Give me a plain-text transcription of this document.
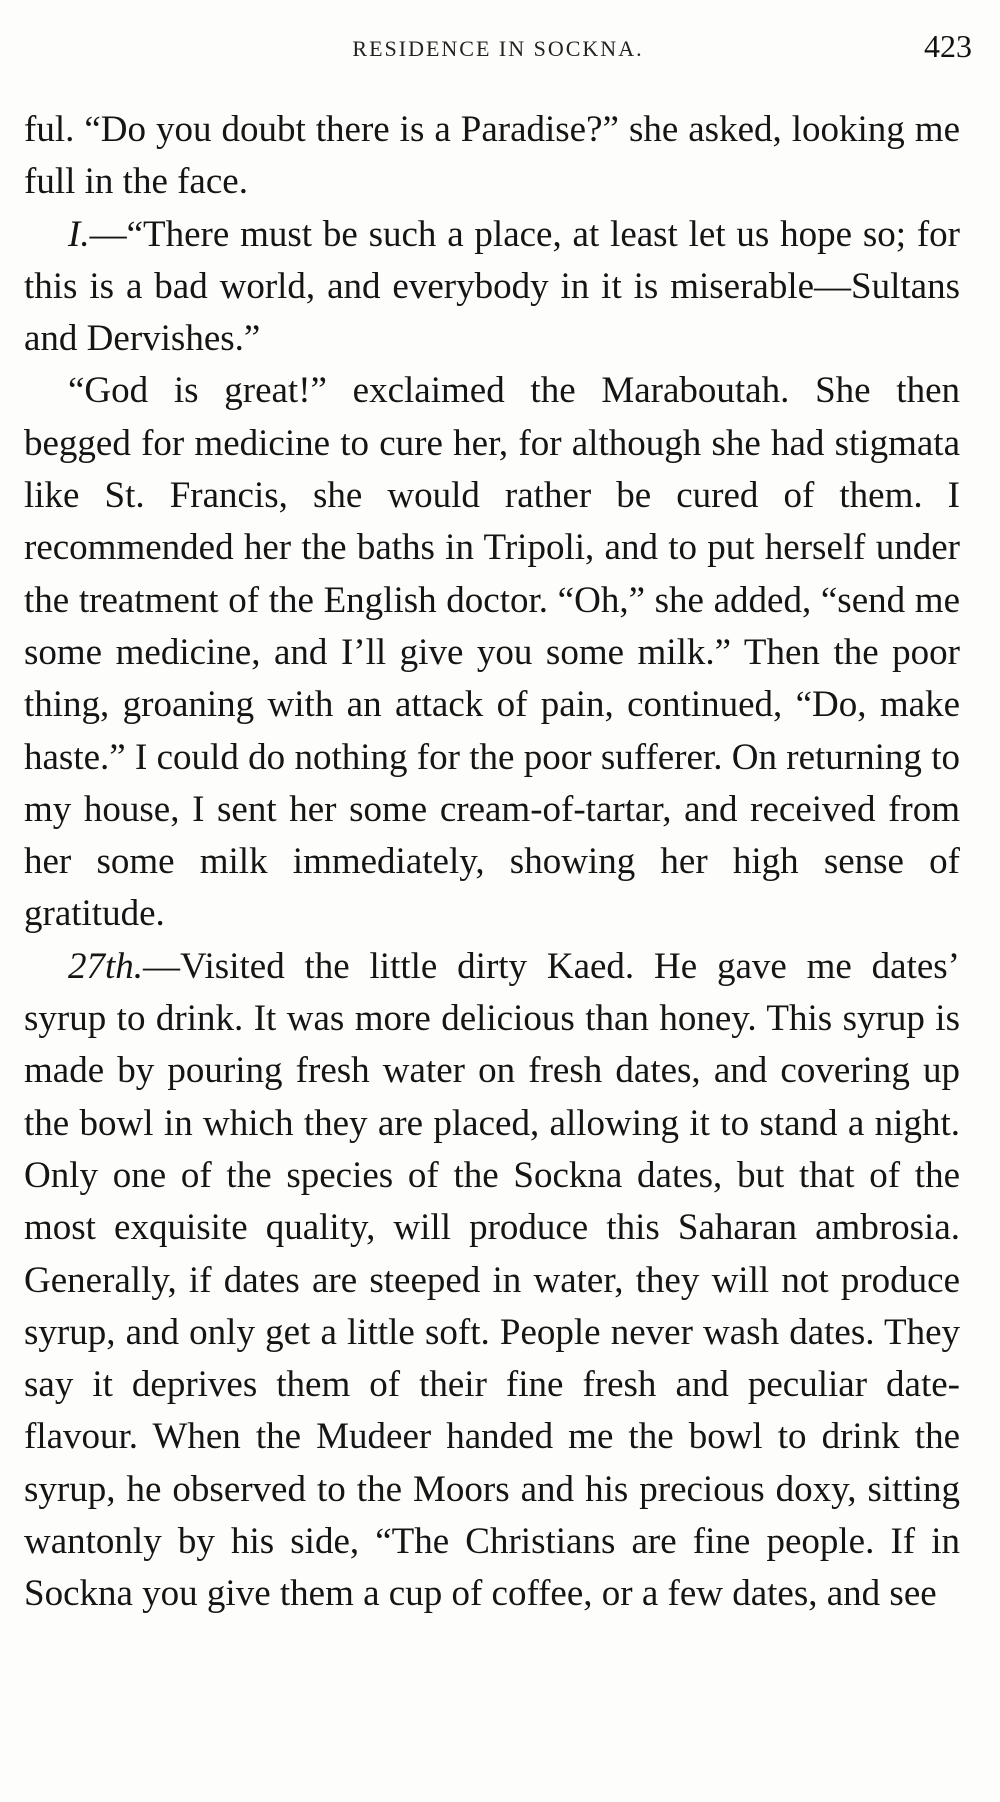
RESIDENCE IN SOCKNA.	423

ful. “Do you doubt there is a Paradise?” she asked, looking me full in the face.

I.—“There must be such a place, at least let us hope so; for this is a bad world, and everybody in it is miserable—Sultans and Dervishes.”

“God is great!” exclaimed the Maraboutah. She then begged for medicine to cure her, for although she had stigmata like St. Francis, she would rather be cured of them. I recommended her the baths in Tripoli, and to put herself under the treatment of the English doctor. “Oh,” she added, “send me some medicine, and I’ll give you some milk.” Then the poor thing, groaning with an attack of pain, continued, “Do, make haste.” I could do nothing for the poor sufferer. On returning to my house, I sent her some cream-of-tartar, and received from her some milk immediately, showing her high sense of gratitude.

27th.—Visited the little dirty Kaed. He gave me dates’ syrup to drink. It was more delicious than honey. This syrup is made by pouring fresh water on fresh dates, and covering up the bowl in which they are placed, allowing it to stand a night. Only one of the species of the Sockna dates, but that of the most exquisite quality, will produce this Saharan ambrosia. Generally, if dates are steeped in water, they will not produce syrup, and only get a little soft. People never wash dates. They say it deprives them of their fine fresh and peculiar date-flavour. When the Mudeer handed me the bowl to drink the syrup, he observed to the Moors and his precious doxy, sitting wantonly by his side, “The Christians are fine people. If in Sockna you give them a cup of coffee, or a few dates, and see
